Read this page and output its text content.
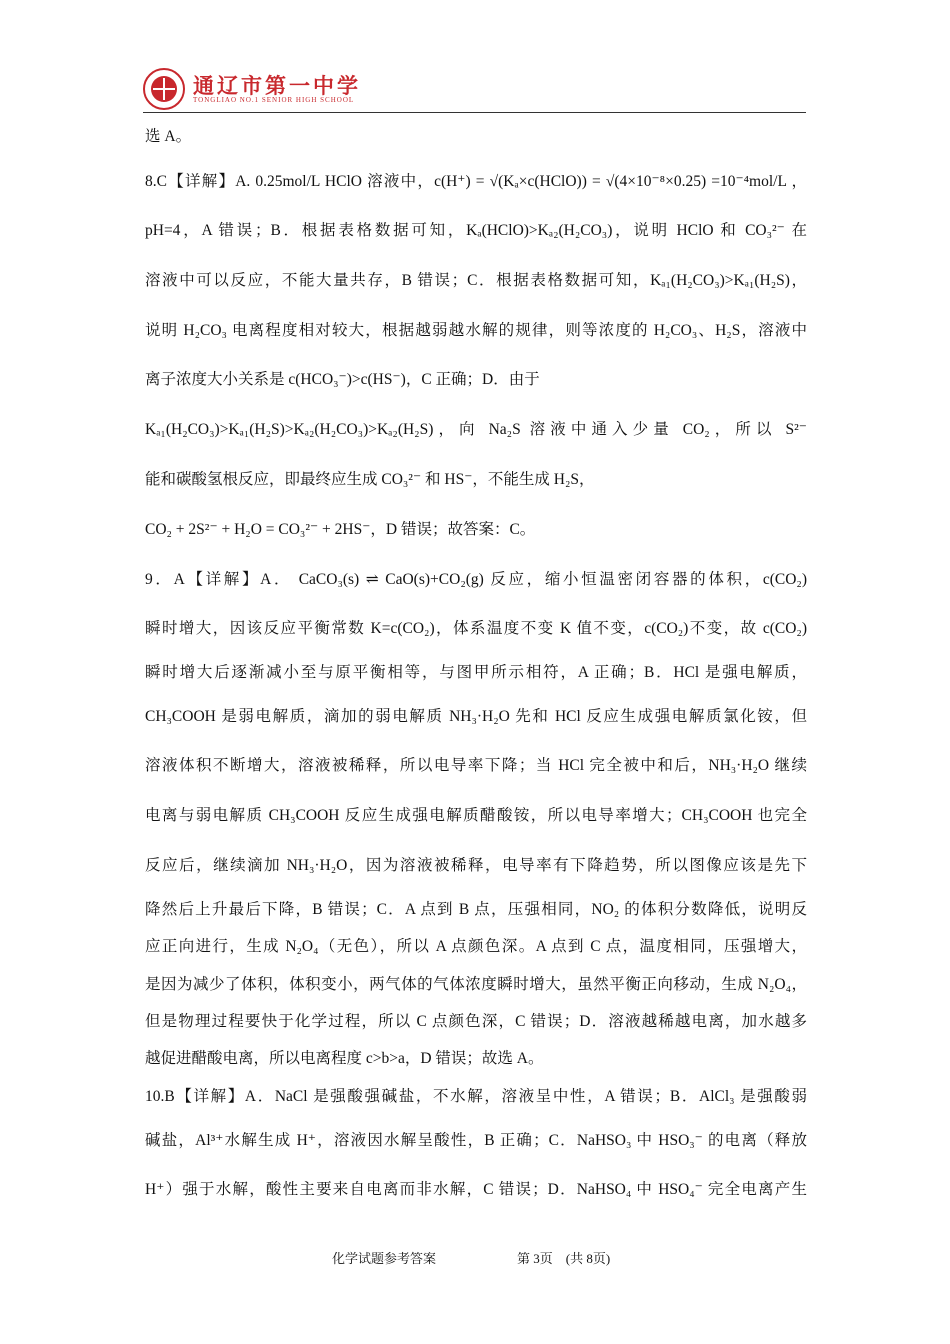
通辽市第一中学
TONGLIAO NO.1 SENIOR HIGH SCHOOL
选 A。
8.C【详解】A. 0.25mol/L HClO 溶液中，c(H⁺) = √(Kₐ×c(HClO)) = √(4×10⁻⁸×0.25) =10⁻⁴mol/L ，
pH=4，A 错误；B．根据表格数据可知，Kₐ(HClO)>Kₐ₂(H₂CO₃)，说明 HClO 和 CO₃²⁻ 在
溶液中可以反应，不能大量共存，B 错误；C．根据表格数据可知，Kₐ₁(H₂CO₃)>Kₐ₁(H₂S)，
说明 H₂CO₃ 电离程度相对较大，根据越弱越水解的规律，则等浓度的 H₂CO₃、H₂S，溶液中
离子浓度大小关系是 c(HCO₃⁻)>c(HS⁻)，C 正确；D．由于
Kₐ₁(H₂CO₃)>Kₐ₁(H₂S)>Kₐ₂(H₂CO₃)>Kₐ₂(H₂S)，向 Na₂S 溶液中通入少量 CO₂，所以 S²⁻
能和碳酸氢根反应，即最终应生成 CO₃²⁻ 和 HS⁻，不能生成 H₂S，
CO₂ + 2S²⁻ + H₂O = CO₃²⁻ + 2HS⁻，D 错误；故答案：C。
9．A【详解】A． CaCO₃(s) ⇌ CaO(s)+CO₂(g) 反应，缩小恒温密闭容器的体积，c(CO₂)
瞬时增大，因该反应平衡常数 K=c(CO₂)，体系温度不变 K 值不变，c(CO₂)不变，故 c(CO₂)
瞬时增大后逐渐减小至与原平衡相等，与图甲所示相符，A 正确；B．HCl 是强电解质，
CH₃COOH 是弱电解质，滴加的弱电解质 NH₃·H₂O 先和 HCl 反应生成强电解质氯化铵，但
溶液体积不断增大，溶液被稀释，所以电导率下降；当 HCl 完全被中和后，NH₃·H₂O 继续
电离与弱电解质 CH₃COOH 反应生成强电解质醋酸铵，所以电导率增大；CH₃COOH 也完全
反应后，继续滴加 NH₃·H₂O，因为溶液被稀释，电导率有下降趋势，所以图像应该是先下
降然后上升最后下降，B 错误；C．A 点到 B 点，压强相同，NO₂ 的体积分数降低，说明反
应正向进行，生成 N₂O₄（无色），所以 A 点颜色深。A 点到 C 点，温度相同，压强增大，
是因为减少了体积，体积变小，两气体的气体浓度瞬时增大，虽然平衡正向移动，生成 N₂O₄，
但是物理过程要快于化学过程，所以 C 点颜色深，C 错误；D．溶液越稀越电离，加水越多
越促进醋酸电离，所以电离程度 c>b>a，D 错误；故选 A。
10.B【详解】A．NaCl 是强酸强碱盐，不水解，溶液呈中性，A 错误；B．AlCl₃ 是强酸弱
碱盐，Al³⁺水解生成 H⁺，溶液因水解呈酸性，B 正确；C．NaHSO₃ 中 HSO₃⁻ 的电离（释放
H⁺）强于水解，酸性主要来自电离而非水解，C 错误；D．NaHSO₄ 中 HSO₄⁻ 完全电离产生
化学试题参考答案	第 3页　(共 8页)
